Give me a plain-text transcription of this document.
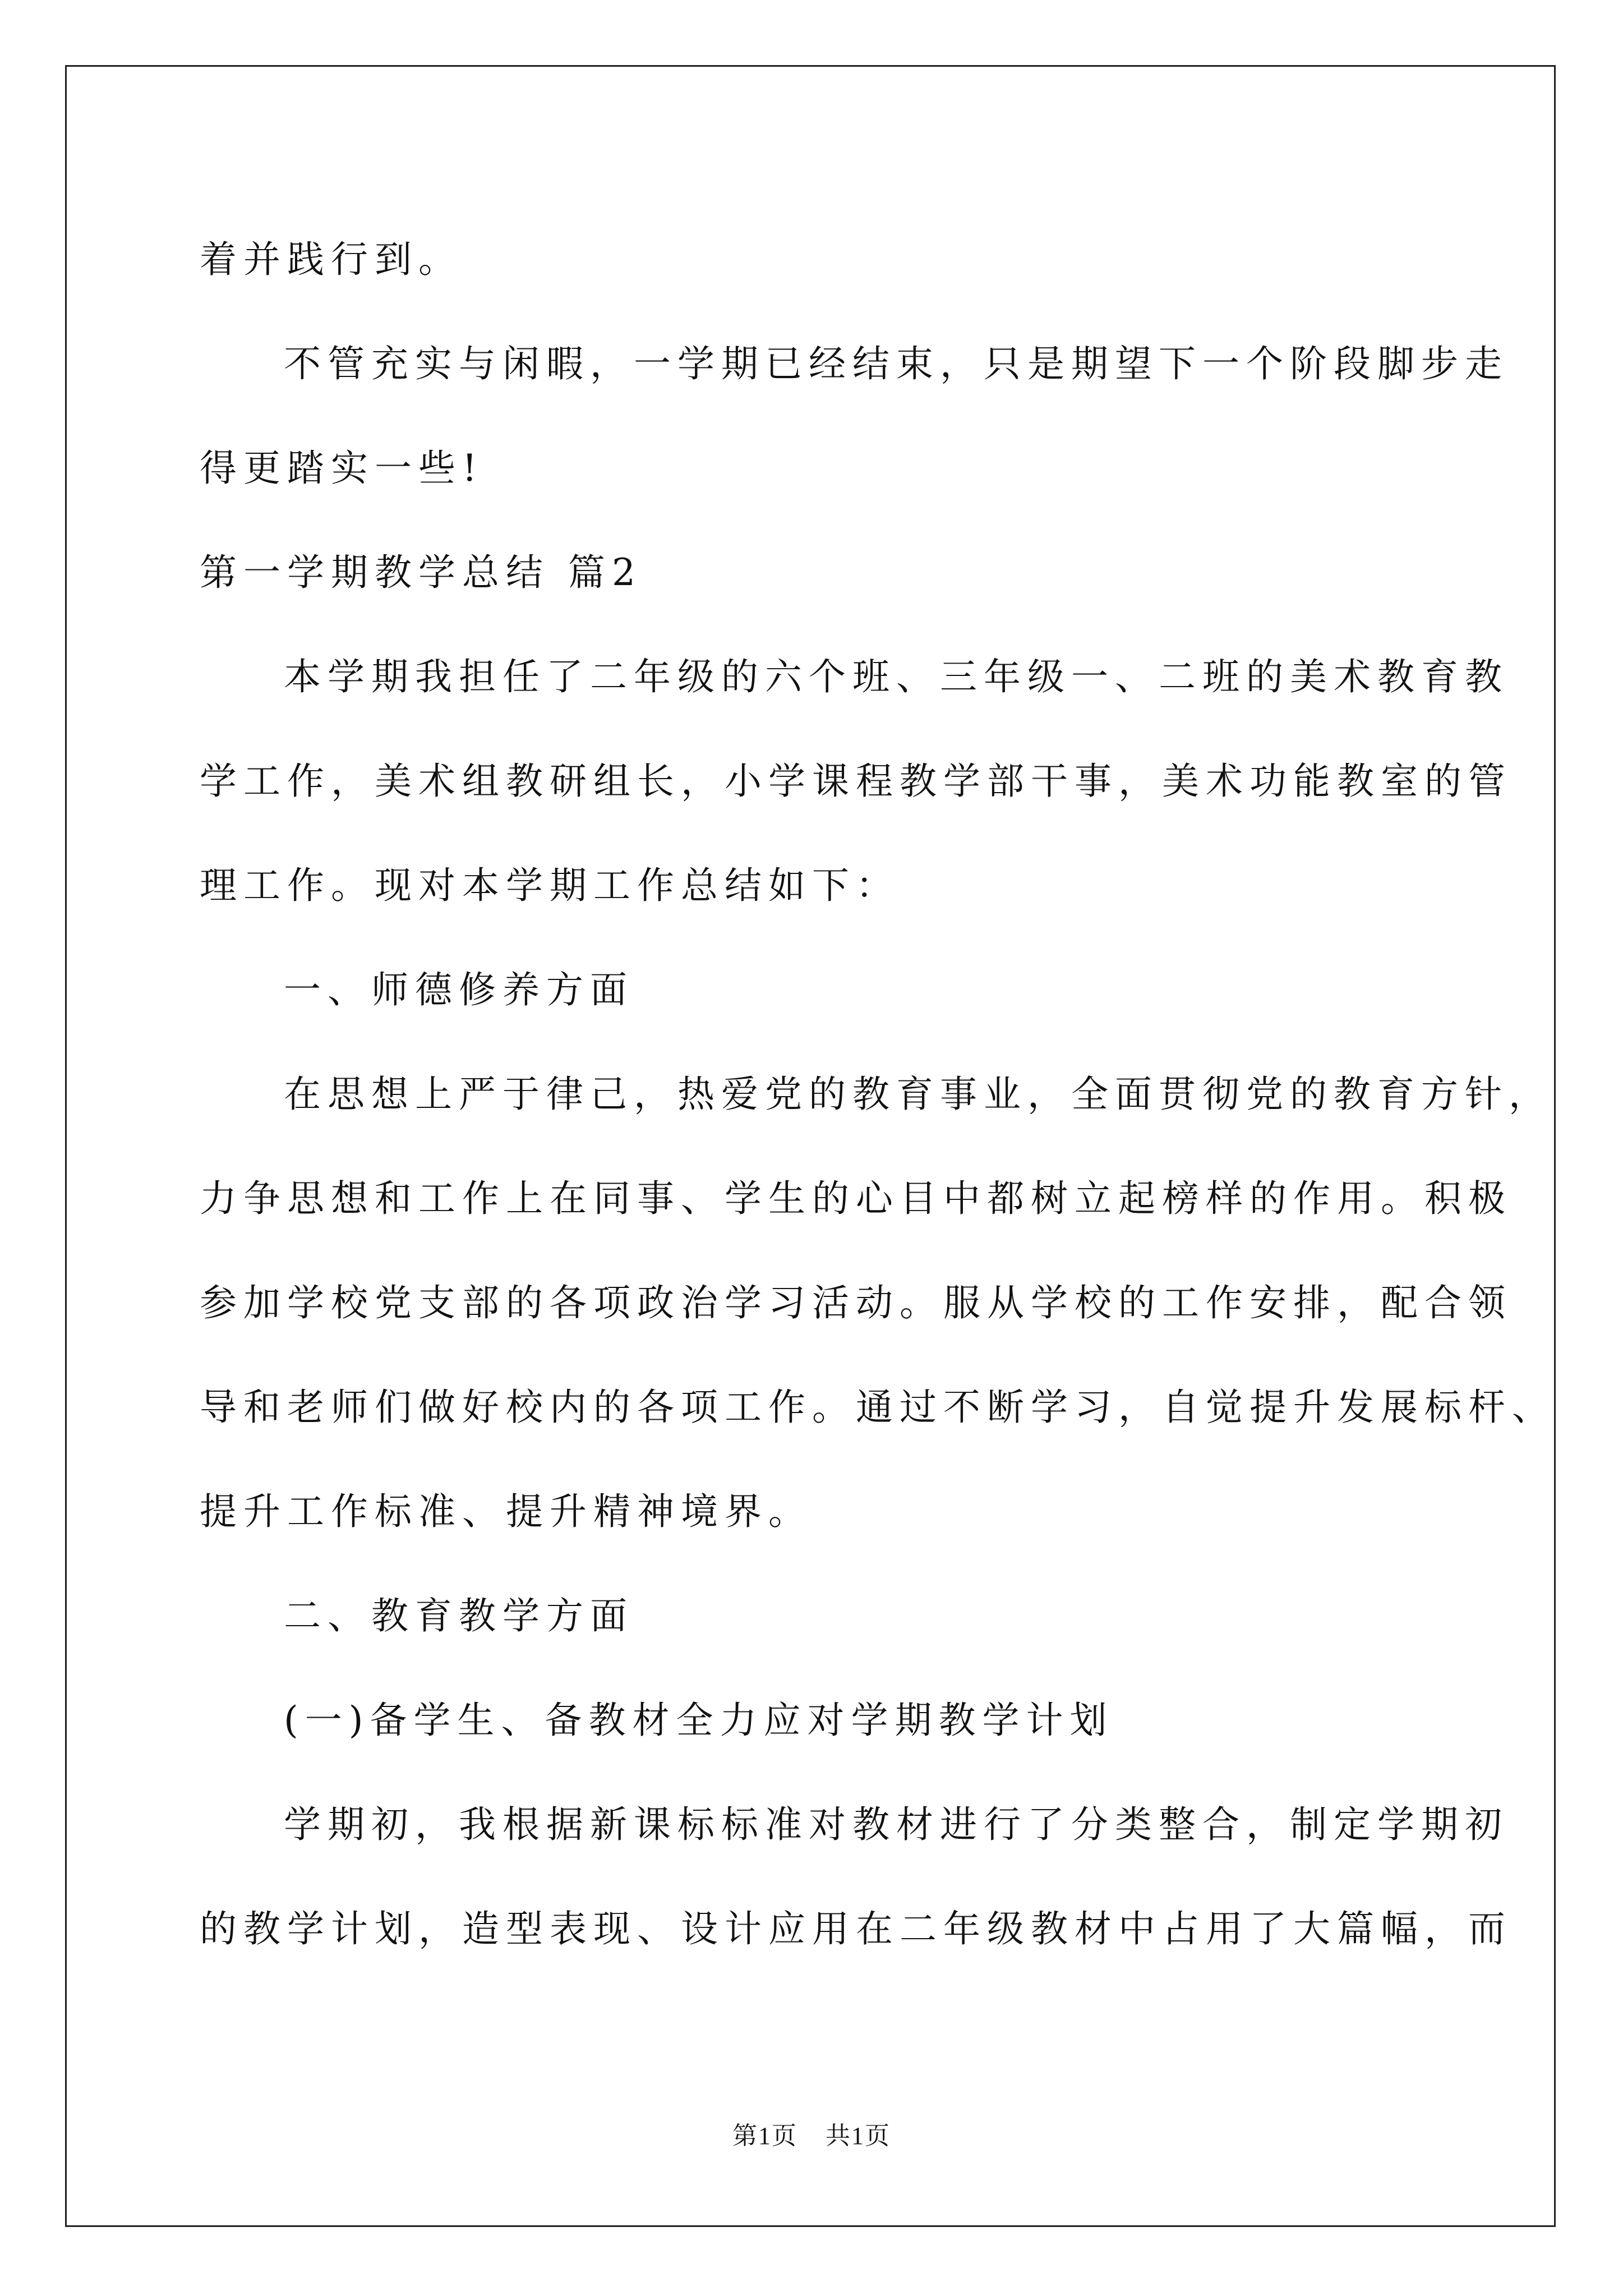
着并践行到。
不管充实与闲暇，一学期已经结束，只是期望下一个阶段脚步走
得更踏实一些!
第一学期教学总结 篇2
本学期我担任了二年级的六个班、三年级一、二班的美术教育教
学工作，美术组教研组长，小学课程教学部干事，美术功能教室的管
理工作。现对本学期工作总结如下：
一、师德修养方面
在思想上严于律己，热爱党的教育事业，全面贯彻党的教育方针，
力争思想和工作上在同事、学生的心目中都树立起榜样的作用。积极
参加学校党支部的各项政治学习活动。服从学校的工作安排，配合领
导和老师们做好校内的各项工作。通过不断学习，自觉提升发展标杆、
提升工作标准、提升精神境界。
二、教育教学方面
(一)备学生、备教材全力应对学期教学计划
学期初，我根据新课标标准对教材进行了分类整合，制定学期初
的教学计划，造型表现、设计应用在二年级教材中占用了大篇幅，而
第1页 共1页
